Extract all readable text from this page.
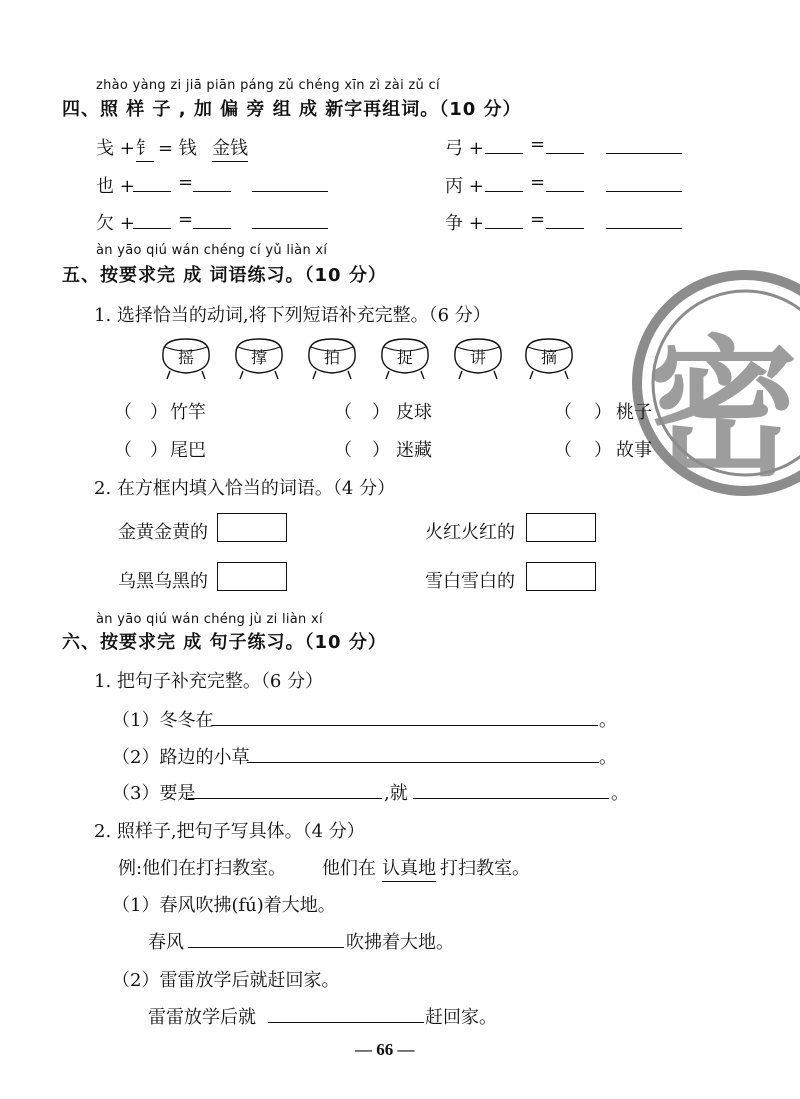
zhào yàng zi jiā piān páng zǔ chéng xīn zì zài zǔ cí
四、照 样 子 , 加 偏 旁 组 成 新字再组词。（10 分）
戋 + 钅 = 钱 金钱	弓 +	=
也 + =	丙 +	=
欠 + =	争 +	=
密
àn yāo qiú wán chéng cí yǔ liàn xí
五、按要求完 成 词语练习。（10 分）
1. 选择恰当的动词,将下列短语补充完整。（6 分）
摇	撑	拍	捉	讲	摘
（ ） 竹竿	（ ） 皮球	（ ） 桃子
（ ） 尾巴	（ ） 迷藏	（ ） 故事
2. 在方框内填入恰当的词语。（4 分）
金黄金黄的	火红火红的
乌黑乌黑的	雪白雪白的
àn yāo qiú wán chéng jù zi liàn xí
六、按要求完 成 句子练习。（10 分）
1. 把句子补充完整。（6 分）
（1）冬冬在	。
（2）路边的小草	。
（3）要是	,就	。
2. 照样子,把句子写具体。（4 分）
例:他们在打扫教室。 他们在 认真地 打扫教室。
（1）春风吹拂(fú)着大地。
春风	吹拂着大地。
（2）雷雷放学后就赶回家。
雷雷放学后就	赶回家。
— 66 —
